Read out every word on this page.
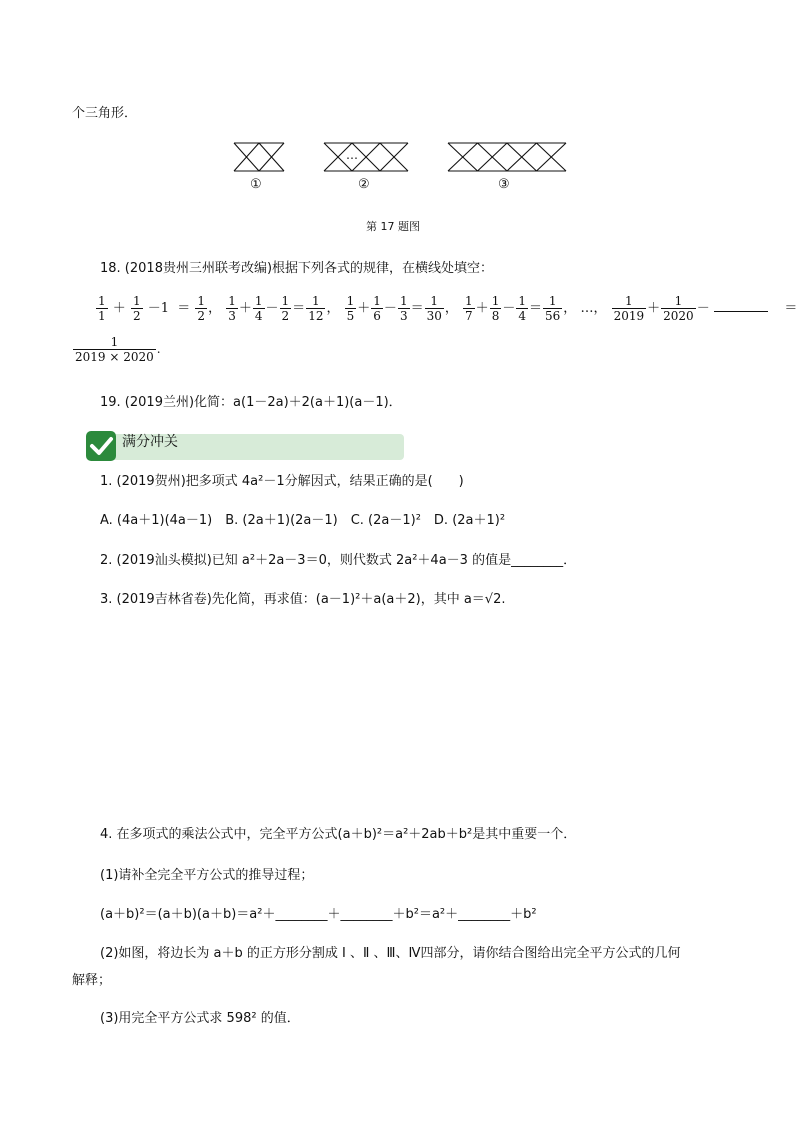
个三角形．
…
①	②	③
第 17 题图
18. (2018贵州三州联考改编)根据下列各式的规律，在横线处填空：
$\frac{1}{1} + \frac{1}{2} -1 = \frac{1}{2}$ ， $\frac{1}{3} + \frac{1}{4} - \frac{1}{2} = \frac{1}{12}$ ， $\frac{1}{5} + \frac{1}{6} - \frac{1}{3} = \frac{1}{30}$ ， $\frac{1}{7} + \frac{1}{8} - \frac{1}{4} = \frac{1}{56}$ ， …， $\frac{1}{2019} + \frac{1}{2020}$ －	＝
$\frac{1}{2019 \times 2020}$ .
19. (2019兰州)化简：a(1－2a)＋2(a＋1)(a－1)．
满分冲关
1. (2019贺州)把多项式 4a²－1分解因式，结果正确的是(　　)
A. (4a＋1)(4a－1)　B. (2a＋1)(2a－1)　C. (2a－1)²　D. (2a＋1)²
2. (2019汕头模拟)已知 a²＋2a－3＝0，则代数式 2a²＋4a－3 的值是________．
3. (2019吉林省卷)先化简，再求值：(a－1)²＋a(a＋2)，其中 a＝√2.
4. 在多项式的乘法公式中，完全平方公式(a＋b)²＝a²＋2ab＋b²是其中重要一个．
(1)请补全完全平方公式的推导过程；
(a＋b)²＝(a＋b)(a＋b)＝a²＋________＋________＋b²＝a²＋________＋b²
(2)如图，将边长为 a＋b 的正方形分割成 Ⅰ 、Ⅱ 、Ⅲ、Ⅳ四部分，请你结合图给出完全平方公式的几何
解释；
(3)用完全平方公式求 598² 的值．
